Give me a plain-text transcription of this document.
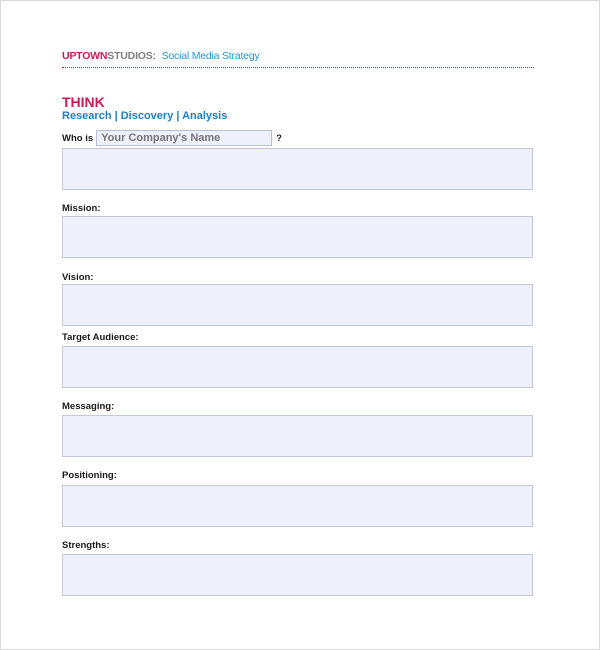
UPTOWNSTUDIOS: Social Media Strategy
THINK
Research | Discovery | Analysis
Who is
Your Company's Name	?
Mission:
Vision:
Target Audience:
Messaging:
Positioning:
Strengths:
